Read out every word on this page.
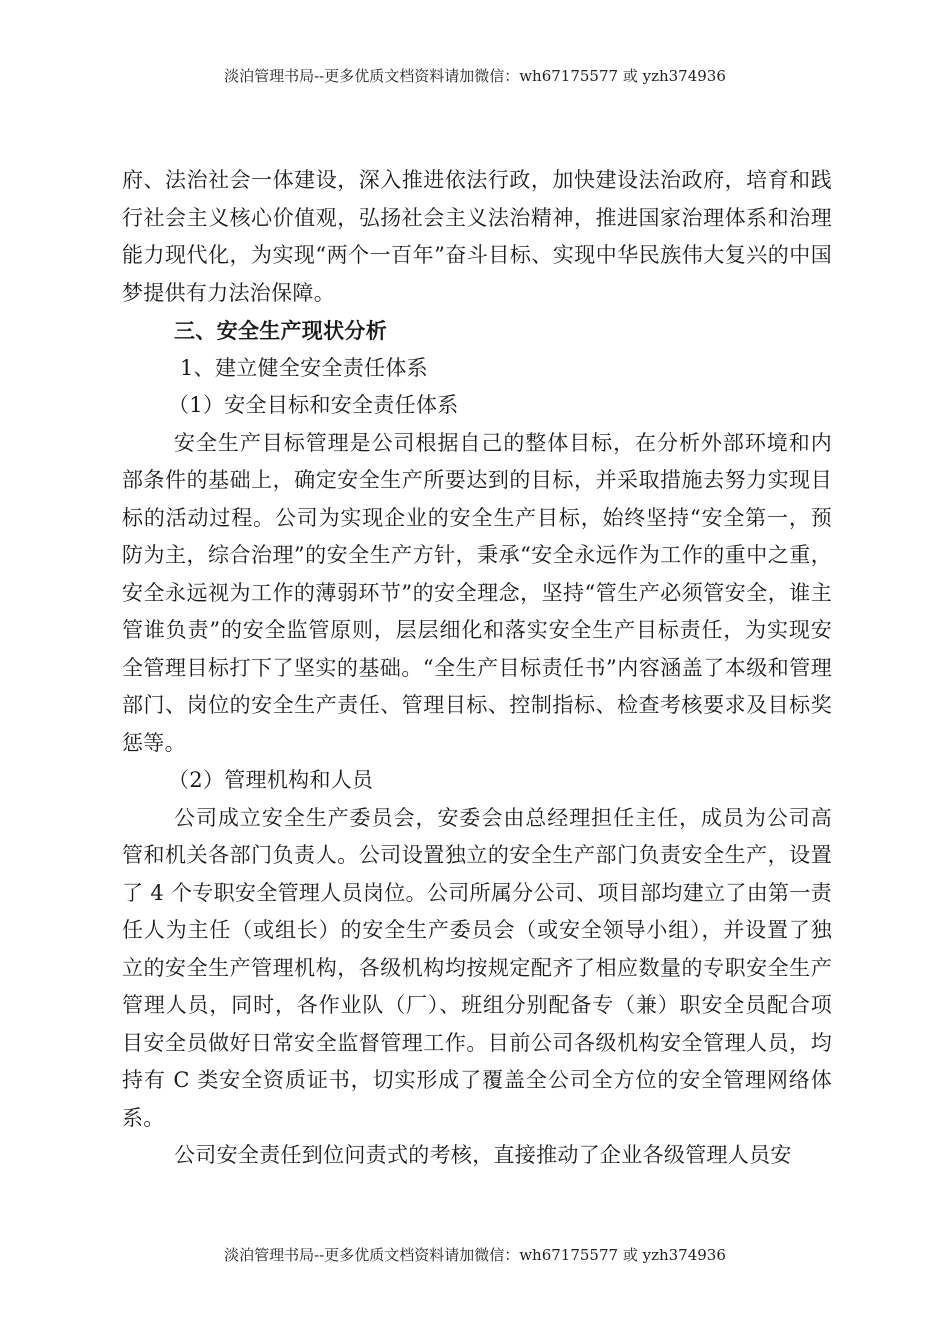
淡泊管理书局--更多优质文档资料请加微信：wh67175577 或 yzh374936

府、法治社会一体建设，深入推进依法行政，加快建设法治政府，培育和践行社会主义核心价值观，弘扬社会主义法治精神，推进国家治理体系和治理能力现代化，为实现“两个一百年”奋斗目标、实现中华民族伟大复兴的中国梦提供有力法治保障。

三、安全生产现状分析

1、建立健全安全责任体系

（1）安全目标和安全责任体系

安全生产目标管理是公司根据自己的整体目标，在分析外部环境和内部条件的基础上，确定安全生产所要达到的目标，并采取措施去努力实现目标的活动过程。公司为实现企业的安全生产目标，始终坚持“安全第一，预防为主，综合治理”的安全生产方针，秉承“安全永远作为工作的重中之重，安全永远视为工作的薄弱环节”的安全理念，坚持“管生产必须管安全，谁主管谁负责”的安全监管原则，层层细化和落实安全生产目标责任，为实现安全管理目标打下了坚实的基础。“全生产目标责任书”内容涵盖了本级和管理部门、岗位的安全生产责任、管理目标、控制指标、检查考核要求及目标奖惩等。

（2）管理机构和人员

公司成立安全生产委员会，安委会由总经理担任主任，成员为公司高管和机关各部门负责人。公司设置独立的安全生产部门负责安全生产，设置了 4 个专职安全管理人员岗位。公司所属分公司、项目部均建立了由第一责任人为主任（或组长）的安全生产委员会（或安全领导小组），并设置了独立的安全生产管理机构，各级机构均按规定配齐了相应数量的专职安全生产管理人员，同时，各作业队（厂）、班组分别配备专（兼）职安全员配合项目安全员做好日常安全监督管理工作。目前公司各级机构安全管理人员，均持有 C 类安全资质证书，切实形成了覆盖全公司全方位的安全管理网络体系。

公司安全责任到位问责式的考核，直接推动了企业各级管理人员安

淡泊管理书局--更多优质文档资料请加微信：wh67175577 或 yzh374936
